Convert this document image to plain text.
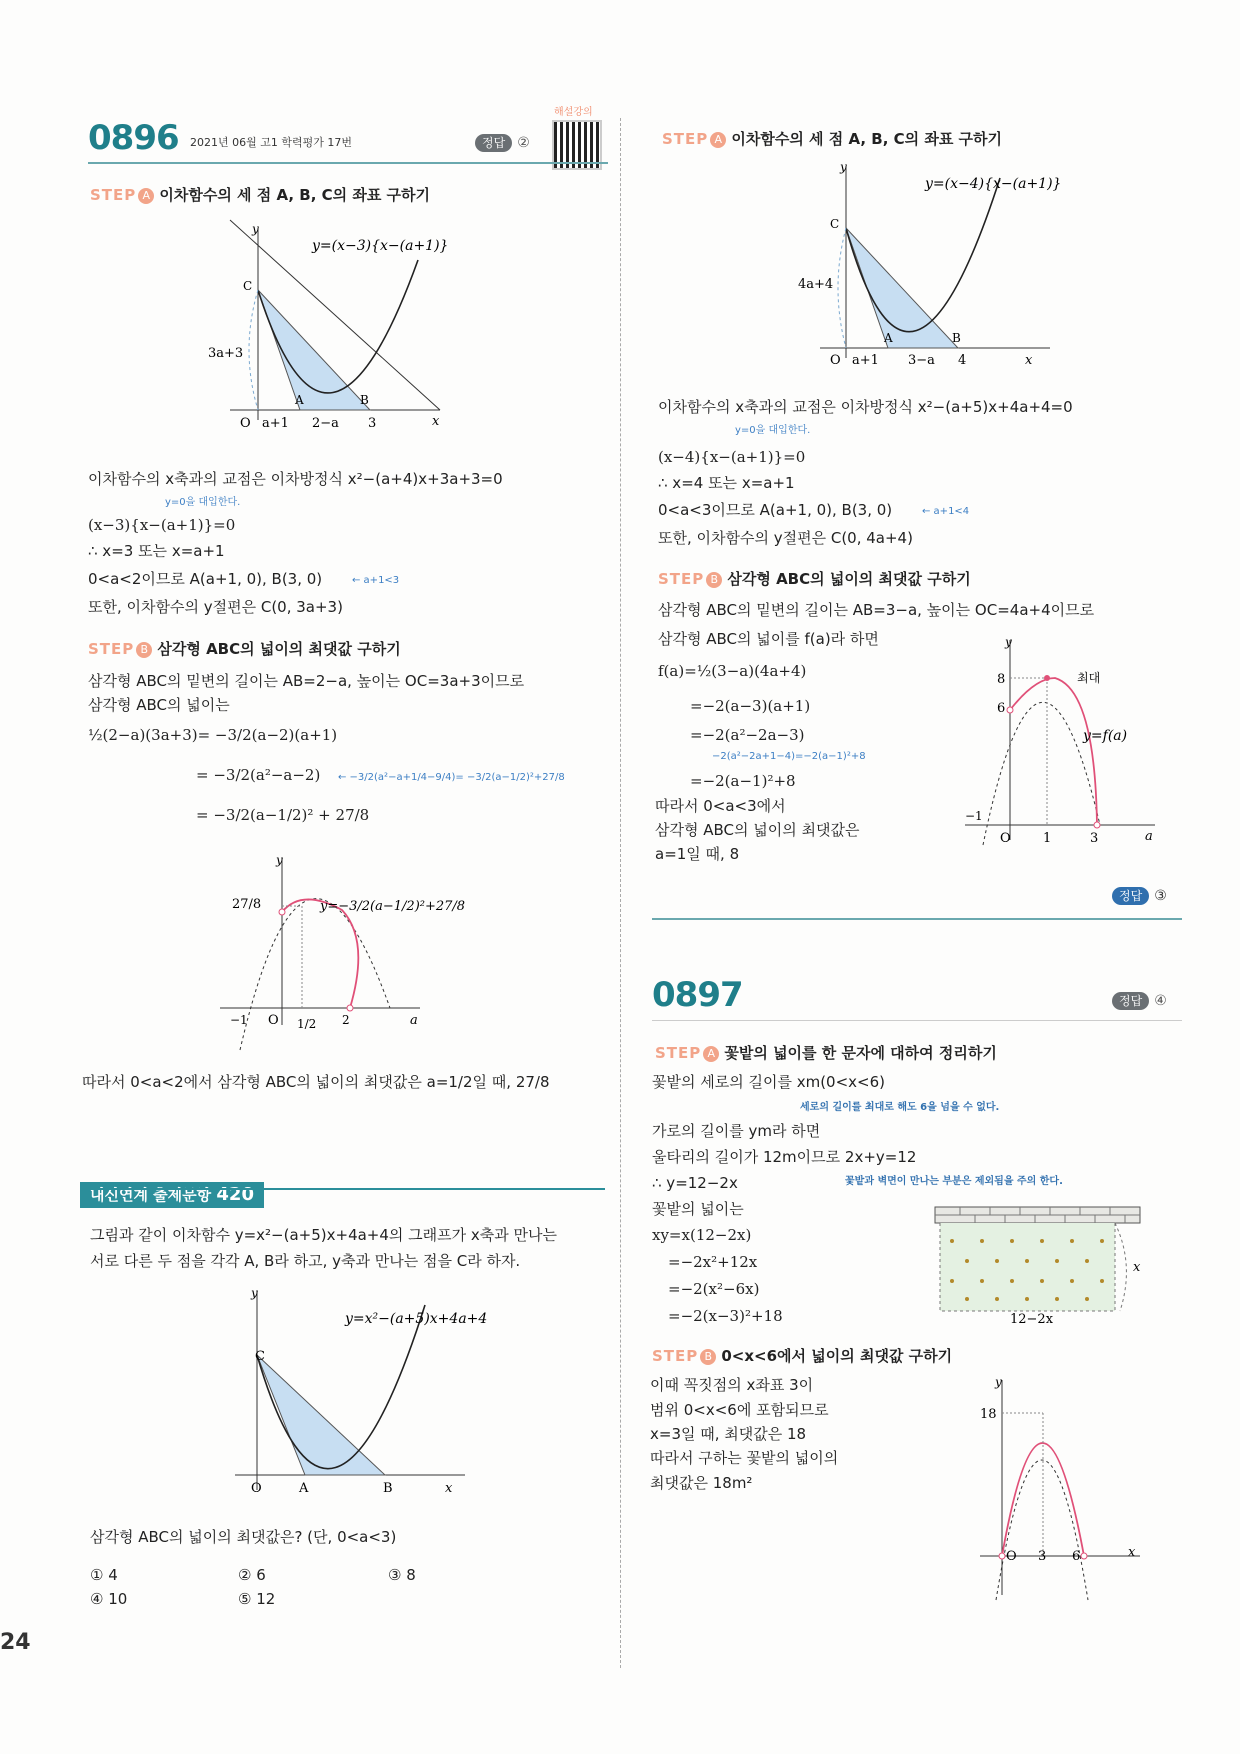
0896 2021년 06월 고1 학력평가 17번	정답 ②
해설강의
STEP A 이차함수의 세 점 A, B, C의 좌표 구하기
y
x
O
C
A	B
3a+3
a+1 2−a 3
y=(x−3){x−(a+1)}
이차함수의 x축과의 교점은 이차방정식 x²−(a+4)x+3a+3=0
y=0을 대입한다.
(x−3){x−(a+1)}=0
∴ x=3 또는 x=a+1
0<a<2이므로 A(a+1, 0), B(3, 0)	← a+1<3
또한, 이차함수의 y절편은 C(0, 3a+3)
STEP B 삼각형 ABC의 넓이의 최댓값 구하기
삼각형 ABC의 밑변의 길이는 AB=2−a, 높이는 OC=3a+3이므로
삼각형 ABC의 넓이는
½(2−a)(3a+3)= −3/2(a−2)(a+1)
= −3/2(a²−a−2) ← −3/2(a²−a+1/4−9/4)= −3/2(a−1/2)²+27/8
= −3/2(a−1/2)² + 27/8
y
a
O
27/8
1/2
−1	2
y=−3/2(a−1/2)²+27/8
따라서 0<a<2에서 삼각형 ABC의 넓이의 최댓값은 a=1/2일 때, 27/8
내신연계 출제문항 420
그림과 같이 이차함수 y=x²−(a+5)x+4a+4의 그래프가 x축과 만나는
서로 다른 두 점을 각각 A, B라 하고, y축과 만나는 점을 C라 하자.
y
x
O	A	B
C
y=x²−(a+5)x+4a+4
삼각형 ABC의 넓이의 최댓값은? (단, 0<a<3)
① 4	② 6	③ 8
④ 10	⑤ 12
24
STEP A 이차함수의 세 점 A, B, C의 좌표 구하기
y
x
O
C
A	B
4a+4
a+1 3−a 4
y=(x−4){x−(a+1)}
이차함수의 x축과의 교점은 이차방정식 x²−(a+5)x+4a+4=0
y=0을 대입한다.
(x−4){x−(a+1)}=0
∴ x=4 또는 x=a+1
0<a<3이므로 A(a+1, 0), B(3, 0)	← a+1<4
또한, 이차함수의 y절편은 C(0, 4a+4)
STEP B 삼각형 ABC의 넓이의 최댓값 구하기
삼각형 ABC의 밑변의 길이는 AB=3−a, 높이는 OC=4a+4이므로
삼각형 ABC의 넓이를 f(a)라 하면
f(a)=½(3−a)(4a+4)
=−2(a−3)(a+1)
=−2(a²−2a−3)
−2(a²−2a+1−4)=−2(a−1)²+8
=−2(a−1)²+8
따라서 0<a<3에서
삼각형 ABC의 넓이의 최댓값은
a=1일 때, 8
y
a
8
6
−1
O 1	3
y=f(a)
최대
정답 ③
0897	정답 ④
STEP A 꽃밭의 넓이를 한 문자에 대하여 정리하기
꽃밭의 세로의 길이를 xm(0<x<6)
세로의 길이를 최대로 해도 6을 넘을 수 없다.
가로의 길이를 ym라 하면
울타리의 길이가 12m이므로 2x+y=12
꽃밭과 벽면이 만나는 부분은 제외됨을 주의 한다.
∴ y=12−2x
꽃밭의 넓이는
xy=x(12−2x)
=−2x²+12x
=−2(x²−6x)
=−2(x−3)²+18
x
12−2x
STEP B 0<x<6에서 넓이의 최댓값 구하기
이때 꼭짓점의 x좌표 3이
범위 0<x<6에 포함되므로
x=3일 때, 최댓값은 18
따라서 구하는 꽃밭의 넓이의
최댓값은 18m²
y
x
O 3 6
18
